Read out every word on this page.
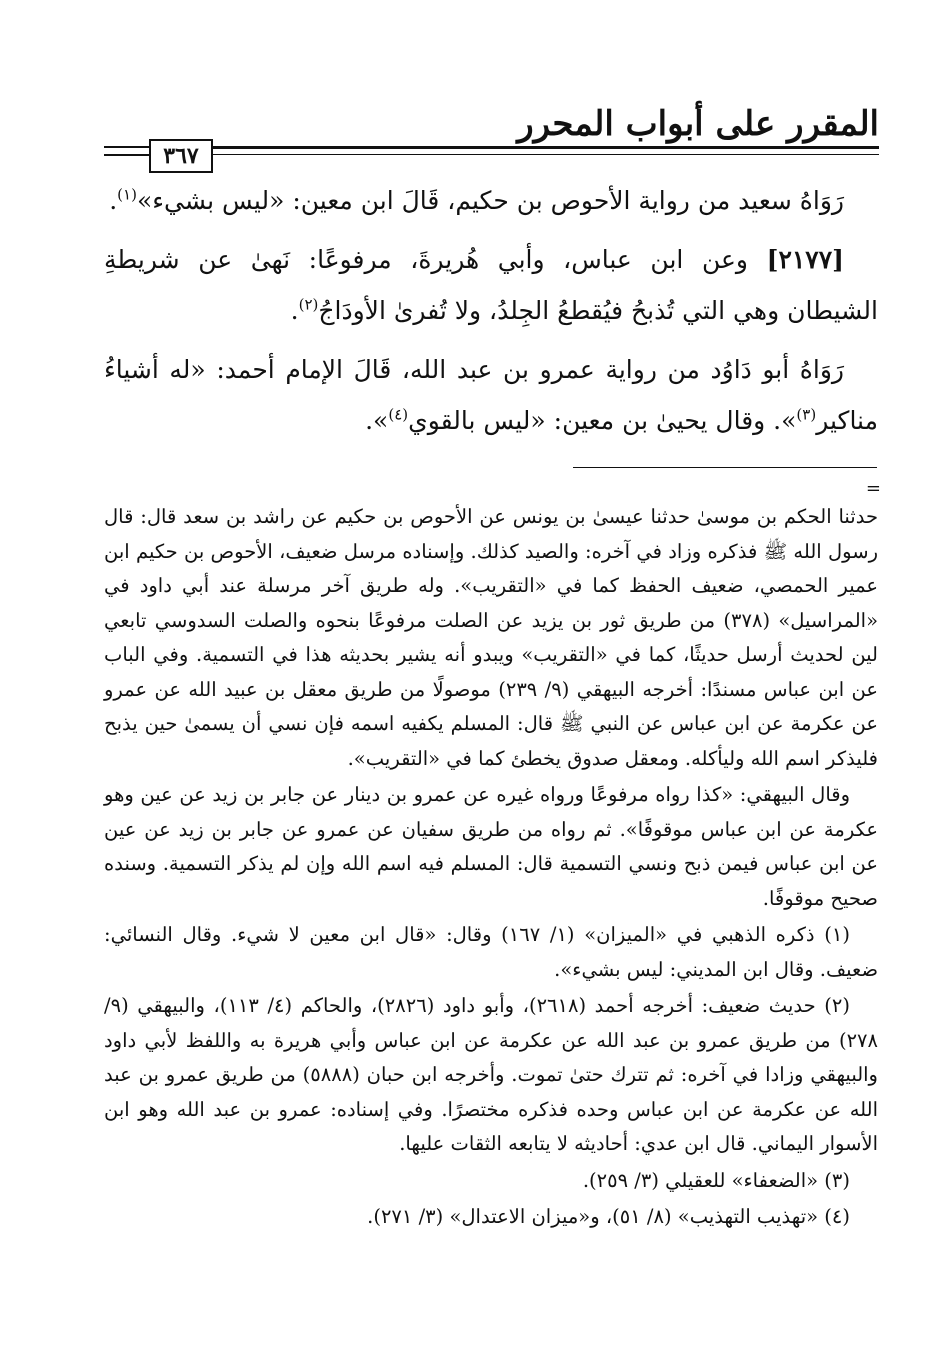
المقرر على أبواب المحرر
٣٦٧

رَوَاهُ سعيد من رواية الأحوص بن حكيم، قَالَ ابن معين: «ليس بشيء»$^{(١)}$.

[٢١٧٧] وعن ابن عباس، وأبي هُريرةَ، مرفوعًا: نَهىٰ عن شريطةِ الشيطان وهي التي تُذبحُ فيُقطعُ الجِلدُ، ولا تُفرىٰ الأودَاجُ$^{(٢)}$.

رَوَاهُ أبو دَاوُد من رواية عمرو بن عبد الله، قَالَ الإمام أحمد: «له أشياءُ مناكير$^{(٣)}$». وقال يحيىٰ بن معين: «ليس بالقوي$^{(٤)}$».

=

حدثنا الحكم بن موسىٰ حدثنا عيسىٰ بن يونس عن الأحوص بن حكيم عن راشد بن سعد قال: قال رسول الله ﷺ فذكره وزاد في آخره: والصيد كذلك. وإسناده مرسل ضعيف، الأحوص بن حكيم ابن عمير الحمصي، ضعيف الحفظ كما في «التقريب». وله طريق آخر مرسلة عند أبي داود في «المراسيل» (٣٧٨) من طريق ثور بن يزيد عن الصلت مرفوعًا بنحوه والصلت السدوسي تابعي لين لحديث أرسل حديثًا، كما في «التقريب» ويبدو أنه يشير بحديثه هذا في التسمية. وفي الباب عن ابن عباس مسندًا: أخرجه البيهقي (٩/ ٢٣٩) موصولًا من طريق معقل بن عبيد الله عن عمرو عن عكرمة عن ابن عباس عن النبي ﷺ قال: المسلم يكفيه اسمه فإن نسي أن يسمىٰ حين يذبح فليذكر اسم الله وليأكله. ومعقل صدوق يخطئ كما في «التقريب».

وقال البيهقي: «كذا رواه مرفوعًا ورواه غيره عن عمرو بن دينار عن جابر بن زيد عن عين وهو عكرمة عن ابن عباس موقوفًا». ثم رواه من طريق سفيان عن عمرو عن جابر بن زيد عن عين عن ابن عباس فيمن ذبح ونسي التسمية قال: المسلم فيه اسم الله وإن لم يذكر التسمية. وسنده صحيح موقوفًا.

(١) ذكره الذهبي في «الميزان» (١/ ١٦٧) وقال: «قال ابن معين لا شيء. وقال النسائي: ضعيف. وقال ابن المديني: ليس بشيء».

(٢) حديث ضعيف: أخرجه أحمد (٢٦١٨)، وأبو داود (٢٨٢٦)، والحاكم (٤/ ١١٣)، والبيهقي (٩/ ٢٧٨) من طريق عمرو بن عبد الله عن عكرمة عن ابن عباس وأبي هريرة به واللفظ لأبي داود والبيهقي وزادا في آخره: ثم تترك حتىٰ تموت. وأخرجه ابن حبان (٥٨٨٨) من طريق عمرو بن عبد الله عن عكرمة عن ابن عباس وحده فذكره مختصرًا. وفي إسناده: عمرو بن عبد الله وهو ابن الأسوار اليماني. قال ابن عدي: أحاديثه لا يتابعه الثقات عليها.

(٣) «الضعفاء» للعقيلي (٣/ ٢٥٩).

(٤) «تهذيب التهذيب» (٨/ ٥١)، و«ميزان الاعتدال» (٣/ ٢٧١).
